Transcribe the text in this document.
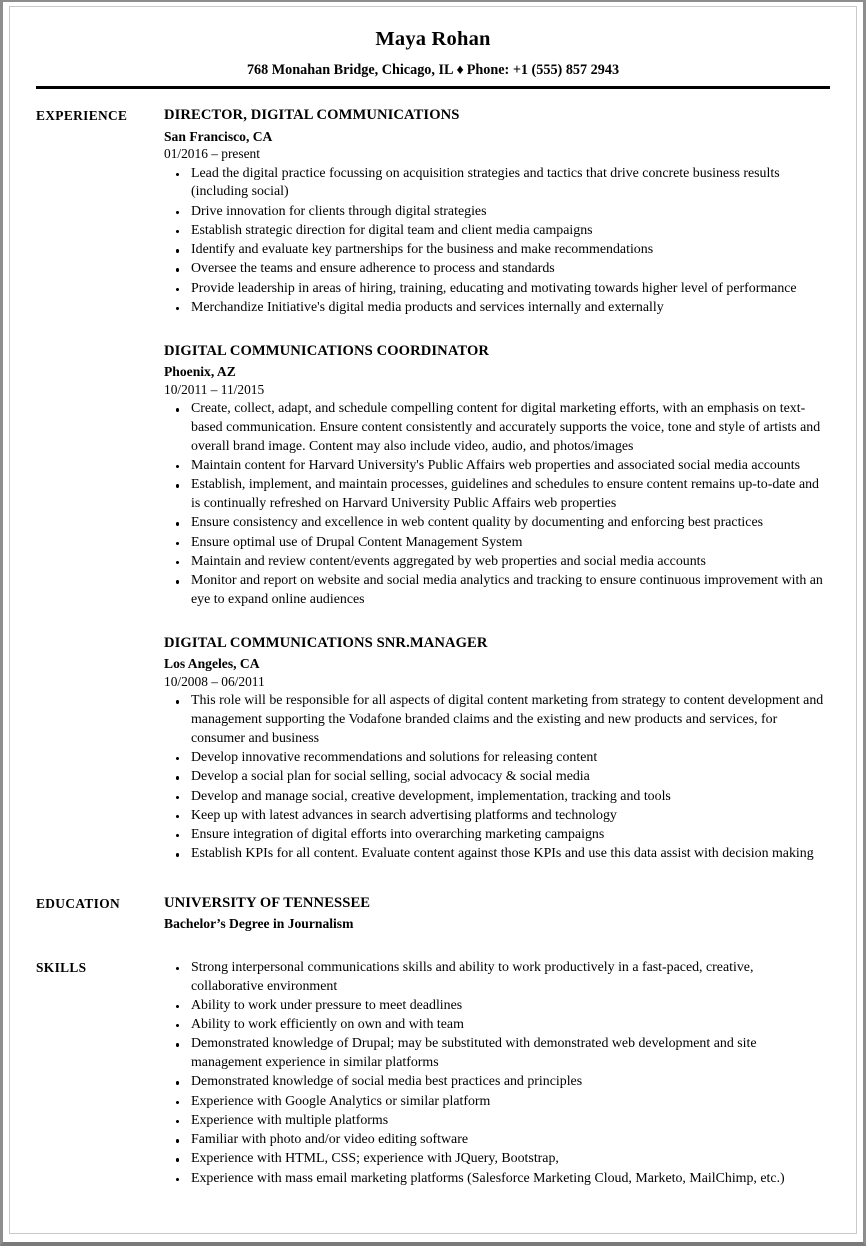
Maya Rohan
768 Monahan Bridge, Chicago, IL ♦ Phone: +1 (555) 857 2943
EXPERIENCE	DIRECTOR, DIGITAL COMMUNICATIONS
San Francisco, CA
01/2016 – present
Lead the digital practice focussing on acquisition strategies and tactics that drive concrete business results (including social)
Drive innovation for clients through digital strategies
Establish strategic direction for digital team and client media campaigns
Identify and evaluate key partnerships for the business and make recommendations
Oversee the teams and ensure adherence to process and standards
Provide leadership in areas of hiring, training, educating and motivating towards higher level of performance
Merchandize Initiative's digital media products and services internally and externally
DIGITAL COMMUNICATIONS COORDINATOR
Phoenix, AZ
10/2011 – 11/2015
Create, collect, adapt, and schedule compelling content for digital marketing efforts, with an emphasis on text-based communication. Ensure content consistently and accurately supports the voice, tone and style of artists and overall brand image. Content may also include video, audio, and photos/images
Maintain content for Harvard University's Public Affairs web properties and associated social media accounts
Establish, implement, and maintain processes, guidelines and schedules to ensure content remains up-to-date and is continually refreshed on Harvard University Public Affairs web properties
Ensure consistency and excellence in web content quality by documenting and enforcing best practices
Ensure optimal use of Drupal Content Management System
Maintain and review content/events aggregated by web properties and social media accounts
Monitor and report on website and social media analytics and tracking to ensure continuous improvement with an eye to expand online audiences
DIGITAL COMMUNICATIONS SNR.MANAGER
Los Angeles, CA
10/2008 – 06/2011
This role will be responsible for all aspects of digital content marketing from strategy to content development and management supporting the Vodafone branded claims and the existing and new products and services, for consumer and business
Develop innovative recommendations and solutions for releasing content
Develop a social plan for social selling, social advocacy & social media
Develop and manage social, creative development, implementation, tracking and tools
Keep up with latest advances in search advertising platforms and technology
Ensure integration of digital efforts into overarching marketing campaigns
Establish KPIs for all content. Evaluate content against those KPIs and use this data assist with decision making
EDUCATION	UNIVERSITY OF TENNESSEE
Bachelor’s Degree in Journalism
SKILLS	Strong interpersonal communications skills and ability to work productively in a fast-paced, creative, collaborative environment
Ability to work under pressure to meet deadlines
Ability to work efficiently on own and with team
Demonstrated knowledge of Drupal; may be substituted with demonstrated web development and site management experience in similar platforms
Demonstrated knowledge of social media best practices and principles
Experience with Google Analytics or similar platform
Experience with multiple platforms
Familiar with photo and/or video editing software
Experience with HTML, CSS; experience with JQuery, Bootstrap,
Experience with mass email marketing platforms (Salesforce Marketing Cloud, Marketo, MailChimp, etc.)
